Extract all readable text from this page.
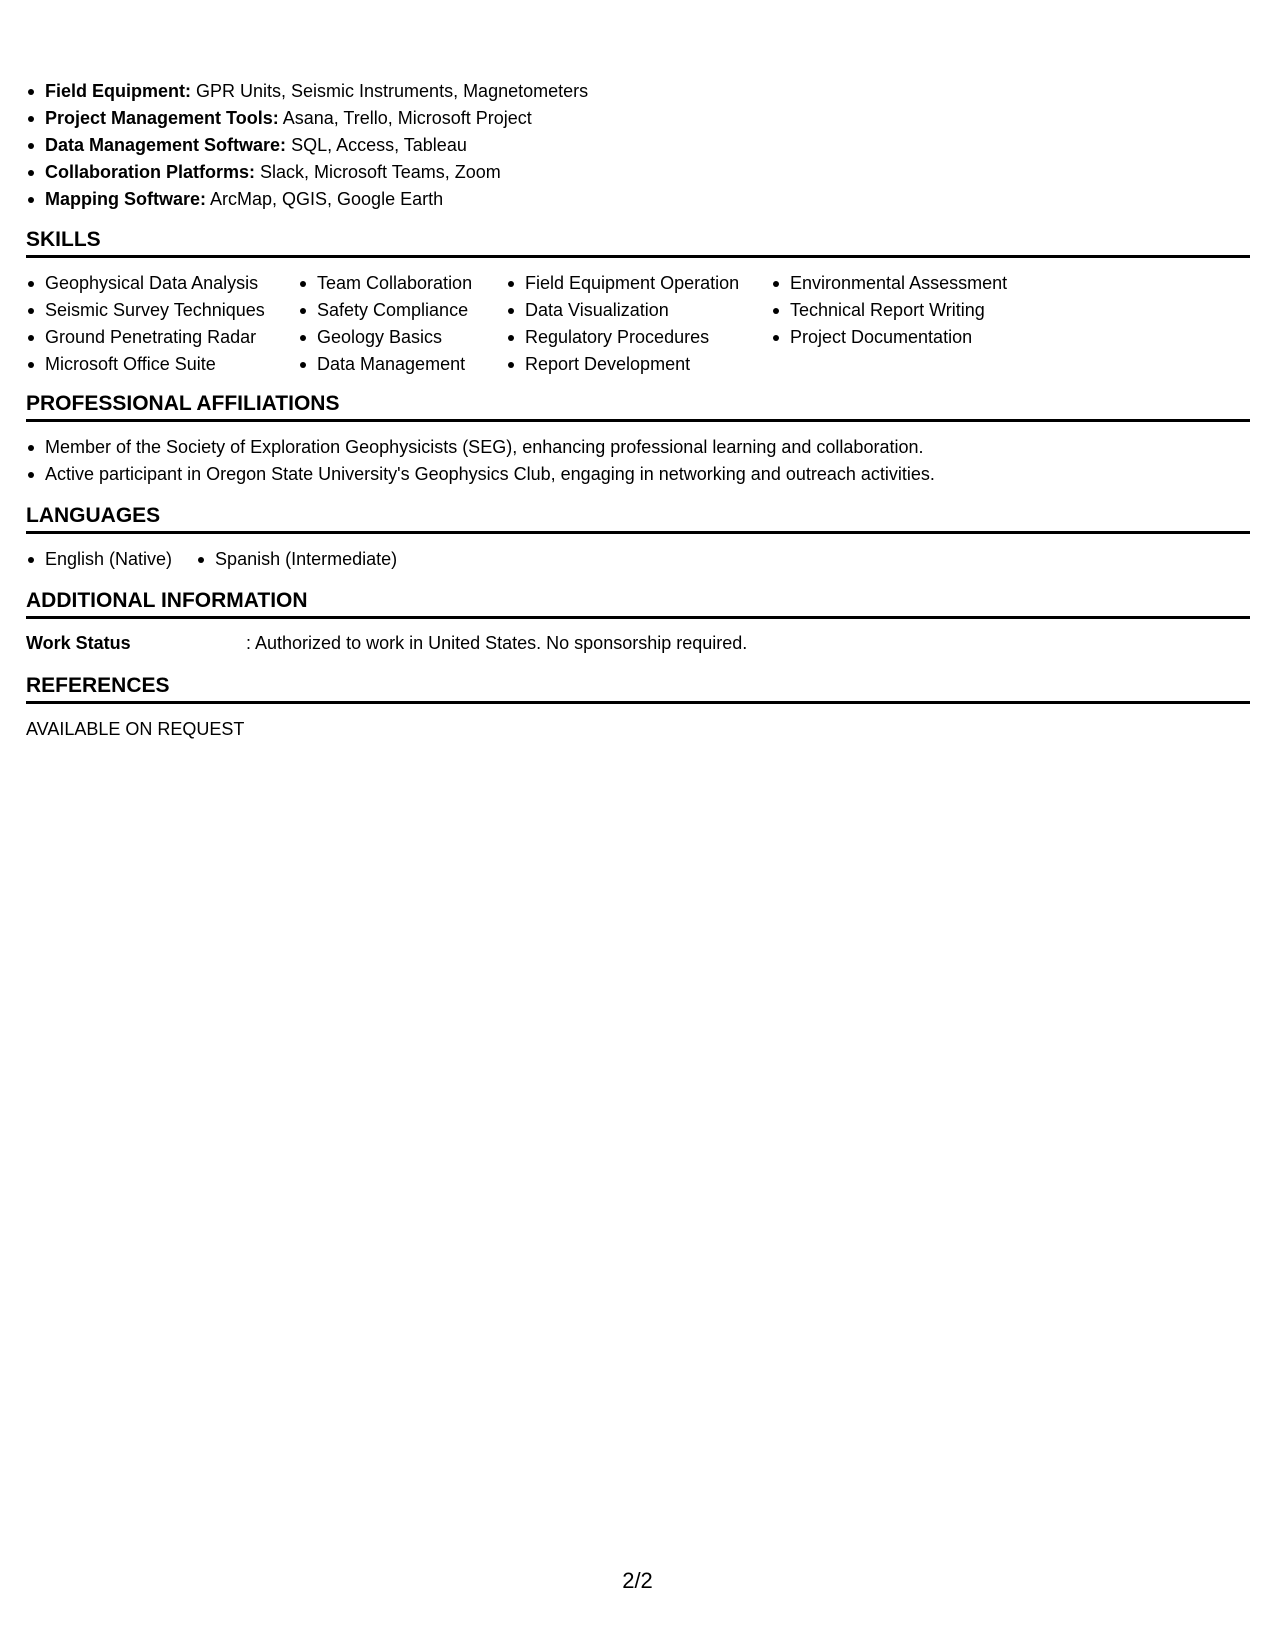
Field Equipment: GPR Units, Seismic Instruments, Magnetometers
Project Management Tools: Asana, Trello, Microsoft Project
Data Management Software: SQL, Access, Tableau
Collaboration Platforms: Slack, Microsoft Teams, Zoom
Mapping Software: ArcMap, QGIS, Google Earth
SKILLS
Geophysical Data Analysis
Seismic Survey Techniques
Ground Penetrating Radar
Microsoft Office Suite
Team Collaboration
Safety Compliance
Geology Basics
Data Management
Field Equipment Operation
Data Visualization
Regulatory Procedures
Report Development
Environmental Assessment
Technical Report Writing
Project Documentation
PROFESSIONAL AFFILIATIONS
Member of the Society of Exploration Geophysicists (SEG), enhancing professional learning and collaboration.
Active participant in Oregon State University's Geophysics Club, engaging in networking and outreach activities.
LANGUAGES
English (Native)	Spanish (Intermediate)
ADDITIONAL INFORMATION
Work Status	: Authorized to work in United States. No sponsorship required.
REFERENCES
AVAILABLE ON REQUEST
2/2
